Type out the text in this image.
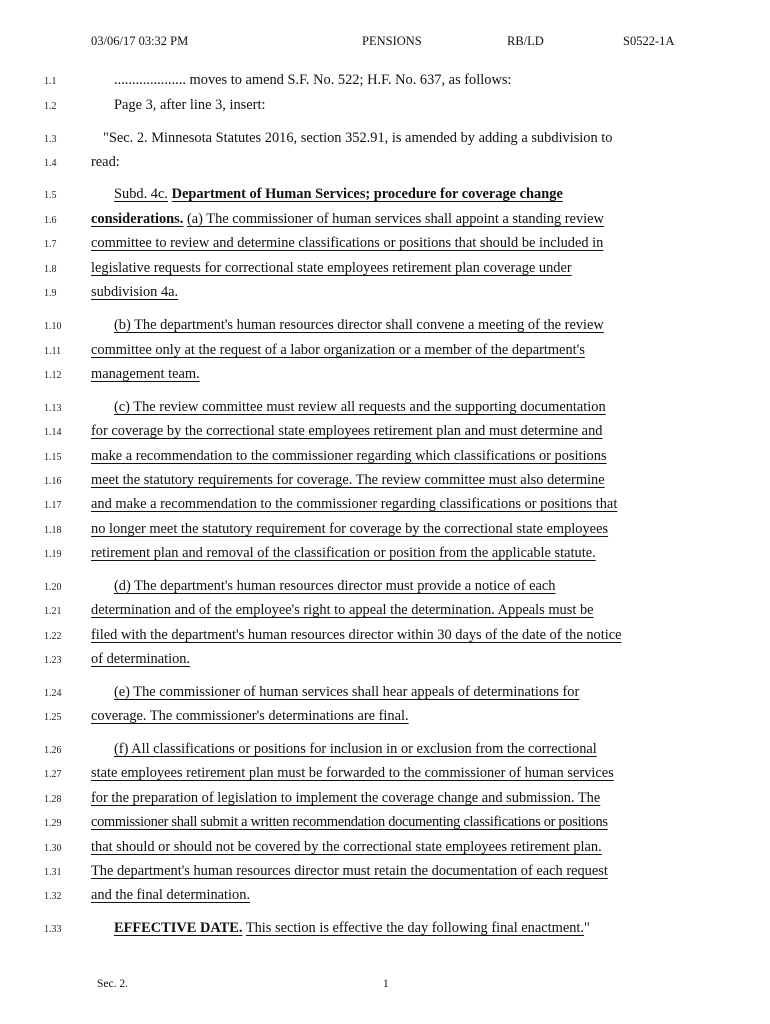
03/06/17 03:32 PM	PENSIONS	RB/LD	S0522-1A
1.1	.................... moves to amend S.F. No. 522; H.F. No. 637, as follows:
1.2	Page 3, after line 3, insert:
1.3	"Sec. 2. Minnesota Statutes 2016, section 352.91, is amended by adding a subdivision to
1.4 read:
1.5	Subd. 4c. Department of Human Services; procedure for coverage change
1.6 considerations. (a) The commissioner of human services shall appoint a standing review
1.7 committee to review and determine classifications or positions that should be included in
1.8 legislative requests for correctional state employees retirement plan coverage under
1.9 subdivision 4a.
1.10	(b) The department's human resources director shall convene a meeting of the review
1.11 committee only at the request of a labor organization or a member of the department's
1.12 management team.
1.13	(c) The review committee must review all requests and the supporting documentation
1.14 for coverage by the correctional state employees retirement plan and must determine and
1.15 make a recommendation to the commissioner regarding which classifications or positions
1.16 meet the statutory requirements for coverage. The review committee must also determine
1.17 and make a recommendation to the commissioner regarding classifications or positions that
1.18 no longer meet the statutory requirement for coverage by the correctional state employees
1.19 retirement plan and removal of the classification or position from the applicable statute.
1.20	(d) The department's human resources director must provide a notice of each
1.21 determination and of the employee's right to appeal the determination. Appeals must be
1.22 filed with the department's human resources director within 30 days of the date of the notice
1.23 of determination.
1.24	(e) The commissioner of human services shall hear appeals of determinations for
1.25 coverage. The commissioner's determinations are final.
1.26	(f) All classifications or positions for inclusion in or exclusion from the correctional
1.27 state employees retirement plan must be forwarded to the commissioner of human services
1.28 for the preparation of legislation to implement the coverage change and submission. The
1.29 commissioner shall submit a written recommendation documenting classifications or positions
1.30 that should or should not be covered by the correctional state employees retirement plan.
1.31 The department's human resources director must retain the documentation of each request
1.32 and the final determination.
1.33	EFFECTIVE DATE. This section is effective the day following final enactment."
Sec. 2.	1
